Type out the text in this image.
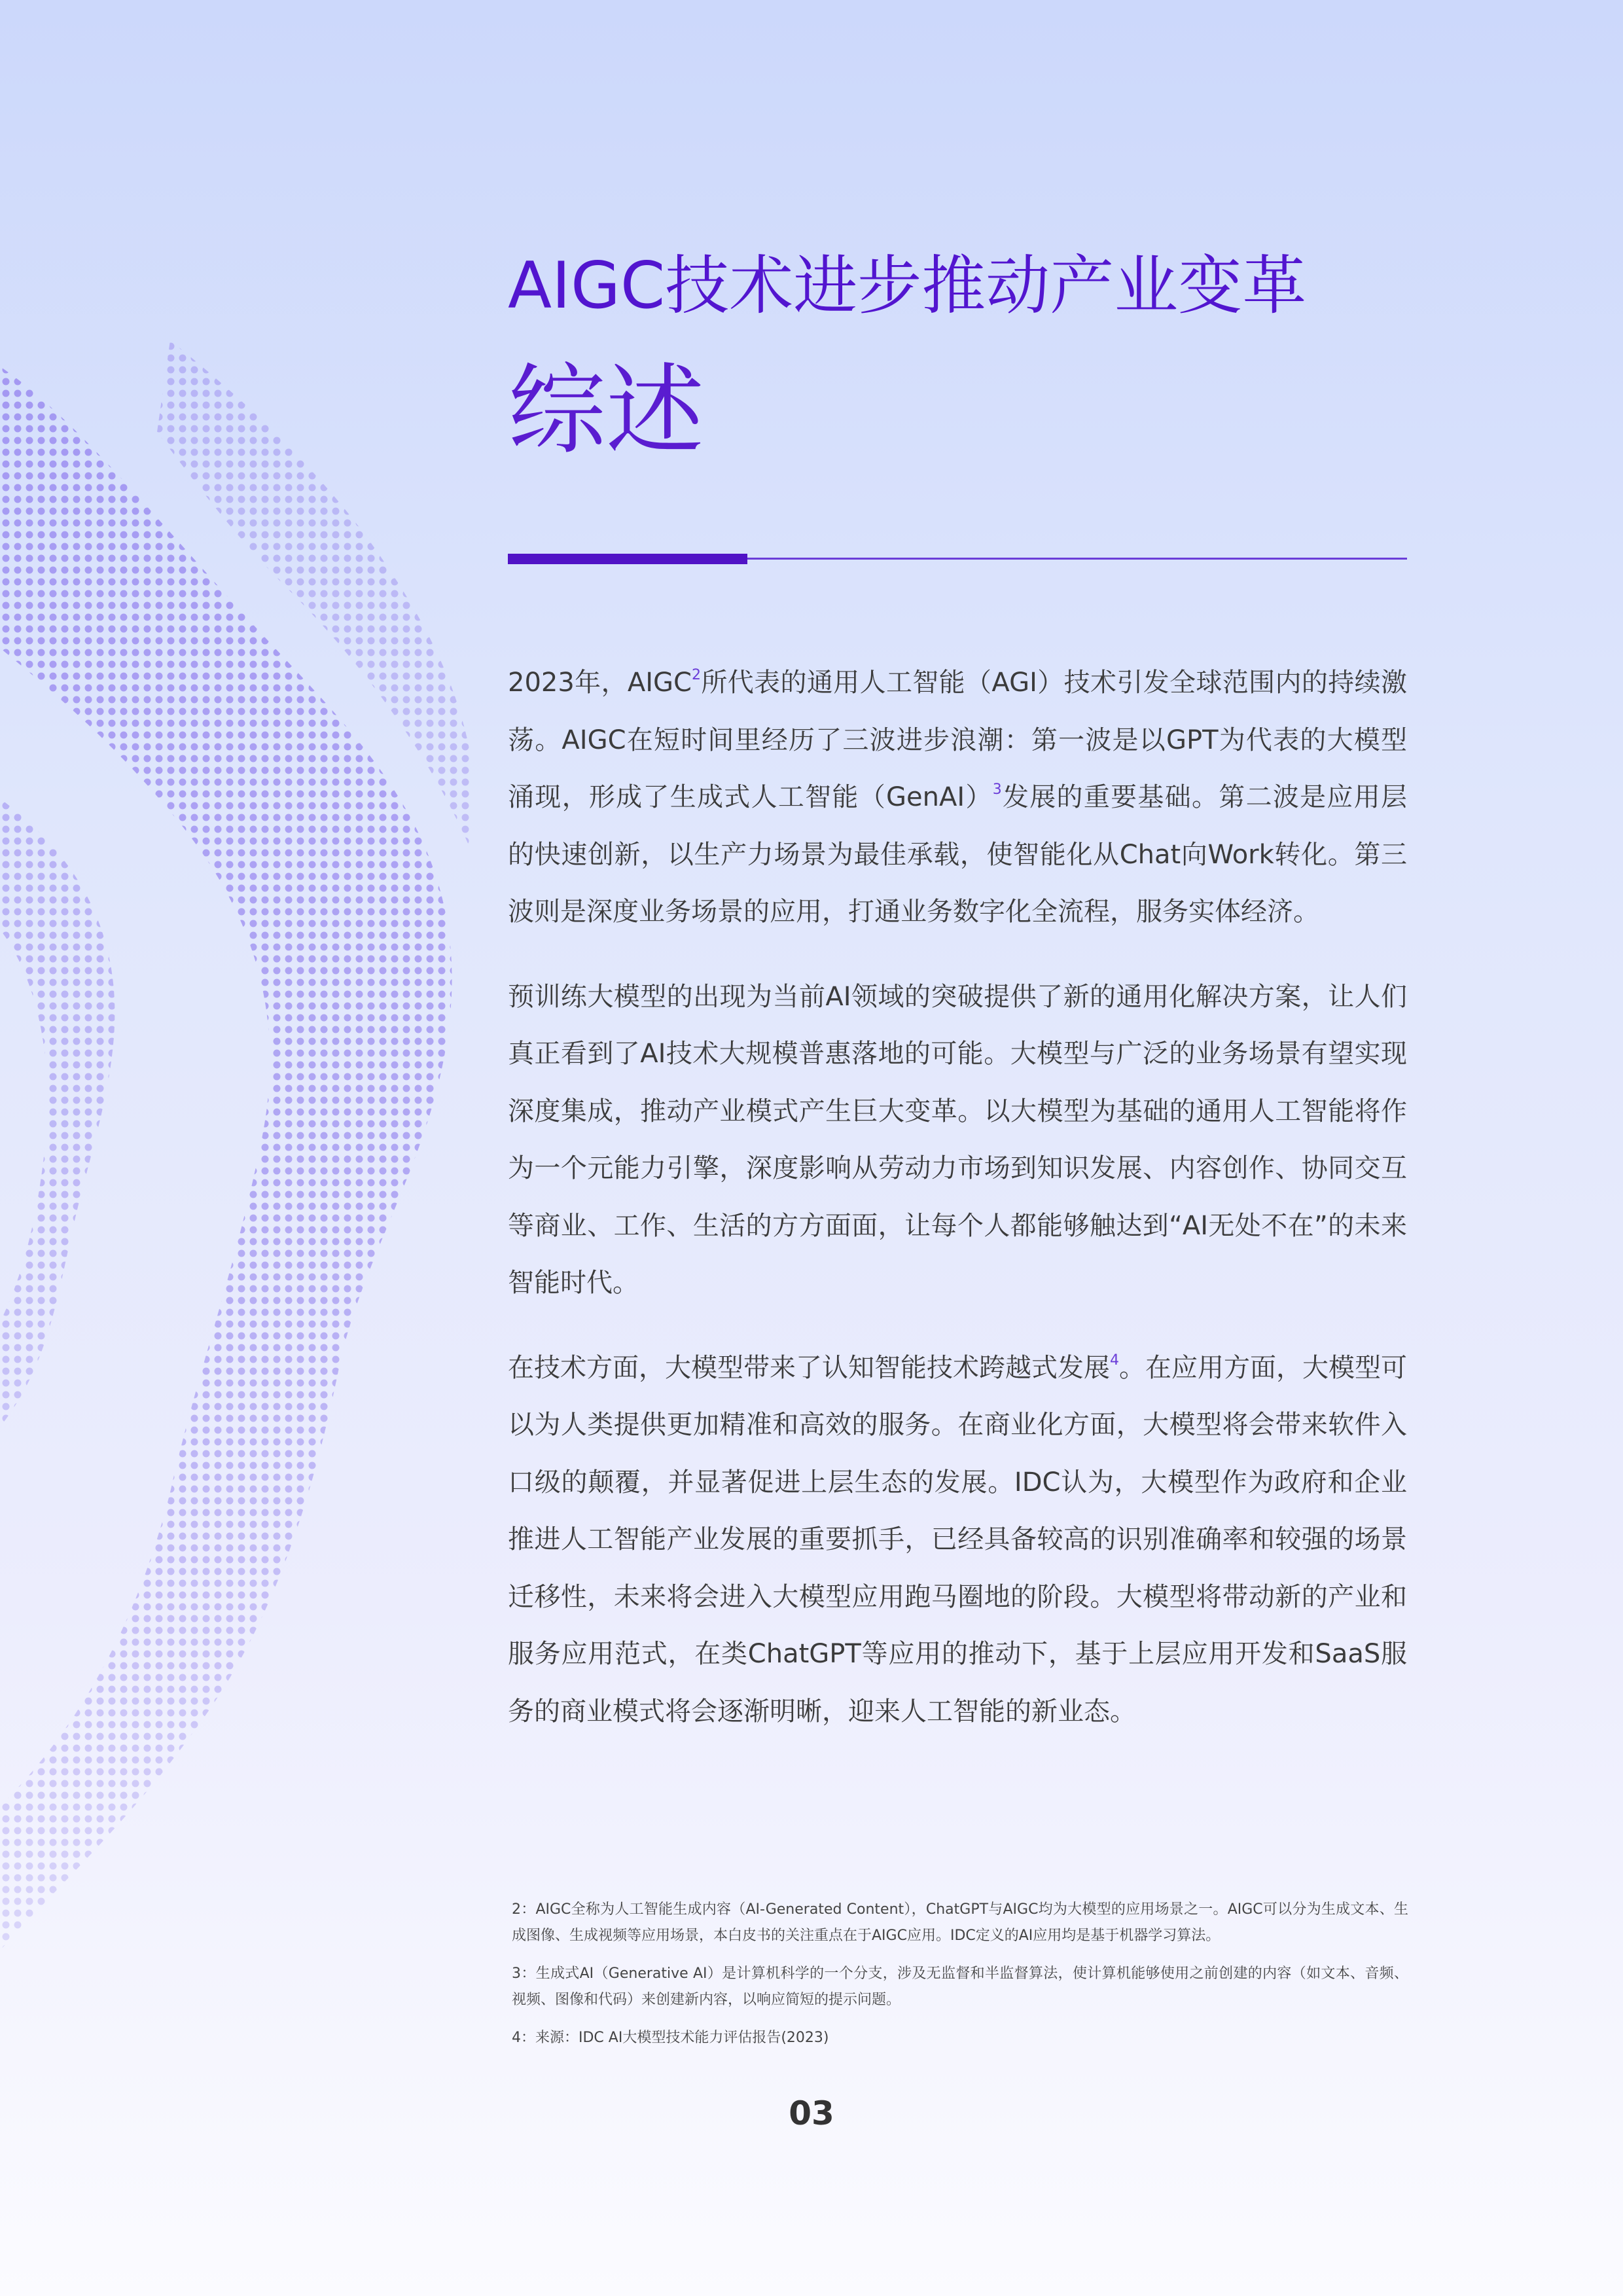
AIGC技术进步推动产业变革
综述

2023年，AIGC$^2$所代表的通用人工智能（AGI）技术引发全球范围内的持续激荡。AIGC在短时间里经历了三波进步浪潮：第一波是以GPT为代表的大模型涌现，形成了生成式人工智能（GenAI）$^3$发展的重要基础。第二波是应用层的快速创新，以生产力场景为最佳承载，使智能化从Chat向Work转化。第三波则是深度业务场景的应用，打通业务数字化全流程，服务实体经济。

预训练大模型的出现为当前AI领域的突破提供了新的通用化解决方案，让人们真正看到了AI技术大规模普惠落地的可能。大模型与广泛的业务场景有望实现深度集成，推动产业模式产生巨大变革。以大模型为基础的通用人工智能将作为一个元能力引擎，深度影响从劳动力市场到知识发展、内容创作、协同交互等商业、工作、生活的方方面面，让每个人都能够触达到“AI无处不在”的未来智能时代。

在技术方面，大模型带来了认知智能技术跨越式发展$^4$。在应用方面，大模型可以为人类提供更加精准和高效的服务。在商业化方面，大模型将会带来软件入口级的颠覆，并显著促进上层生态的发展。IDC认为，大模型作为政府和企业推进人工智能产业发展的重要抓手，已经具备较高的识别准确率和较强的场景迁移性，未来将会进入大模型应用跑马圈地的阶段。大模型将带动新的产业和服务应用范式，在类ChatGPT等应用的推动下，基于上层应用开发和SaaS服务的商业模式将会逐渐明晰，迎来人工智能的新业态。

2：AIGC全称为人工智能生成内容（AI-Generated Content），ChatGPT与AIGC均为大模型的应用场景之一。AIGC可以分为生成文本、生成图像、生成视频等应用场景，本白皮书的关注重点在于AIGC应用。IDC定义的AI应用均是基于机器学习算法。

3：生成式AI（Generative AI）是计算机科学的一个分支，涉及无监督和半监督算法，使计算机能够使用之前创建的内容（如文本、音频、视频、图像和代码）来创建新内容，以响应简短的提示问题。

4：来源：IDC AI大模型技术能力评估报告(2023)

03
